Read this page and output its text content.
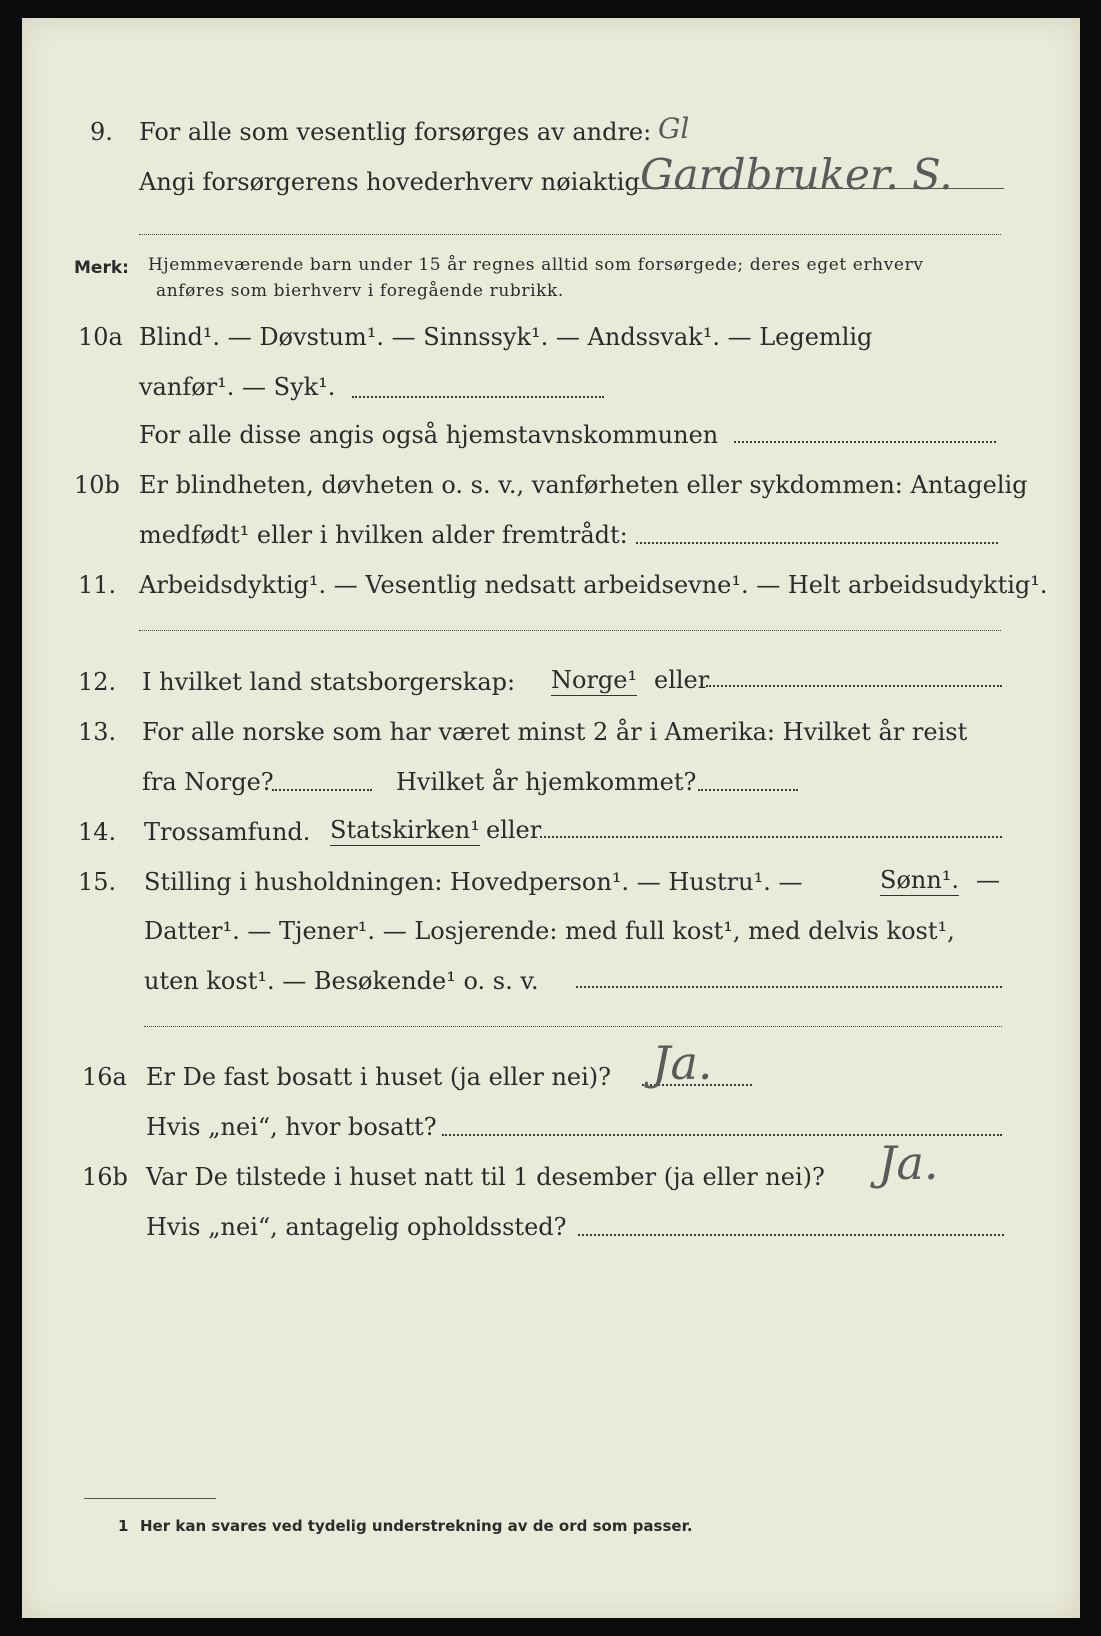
9. For alle som vesentlig forsørges av andre: Gl
Angi forsørgerens hovederhverv nøiaktig Gardbruker. S.
Merk: Hjemmeværende barn under 15 år regnes alltid som forsørgede; deres eget erhverv
anføres som bierhverv i foregående rubrikk.
10a Blind¹. — Døvstum¹. — Sinnssyk¹. — Andssvak¹. — Legemlig
vanfør¹. — Syk¹.
For alle disse angis også hjemstavnskommunen
10b Er blindheten, døvheten o. s. v., vanførheten eller sykdommen: Antagelig
medfødt¹ eller i hvilken alder fremtrådt:
11. Arbeidsdyktig¹. — Vesentlig nedsatt arbeidsevne¹. — Helt arbeidsudyktig¹.
12. I hvilket land statsborgerskap: Norge¹ eller
13. For alle norske som har været minst 2 år i Amerika: Hvilket år reist
fra Norge?	Hvilket år hjemkommet?
14. Trossamfund. Statskirken¹ eller
15. Stilling i husholdningen: Hovedperson¹. — Hustru¹. —	Sønn¹. —
Datter¹. — Tjener¹. — Losjerende: med full kost¹, med delvis kost¹,
uten kost¹. — Besøkende¹ o. s. v.
16a Er De fast bosatt i huset (ja eller nei)? Ja.
Hvis „nei“, hvor bosatt?
16b Var De tilstede i huset natt til 1 desember (ja eller nei)? Ja.
Hvis „nei“, antagelig opholdssted?
1 Her kan svares ved tydelig understrekning av de ord som passer.
